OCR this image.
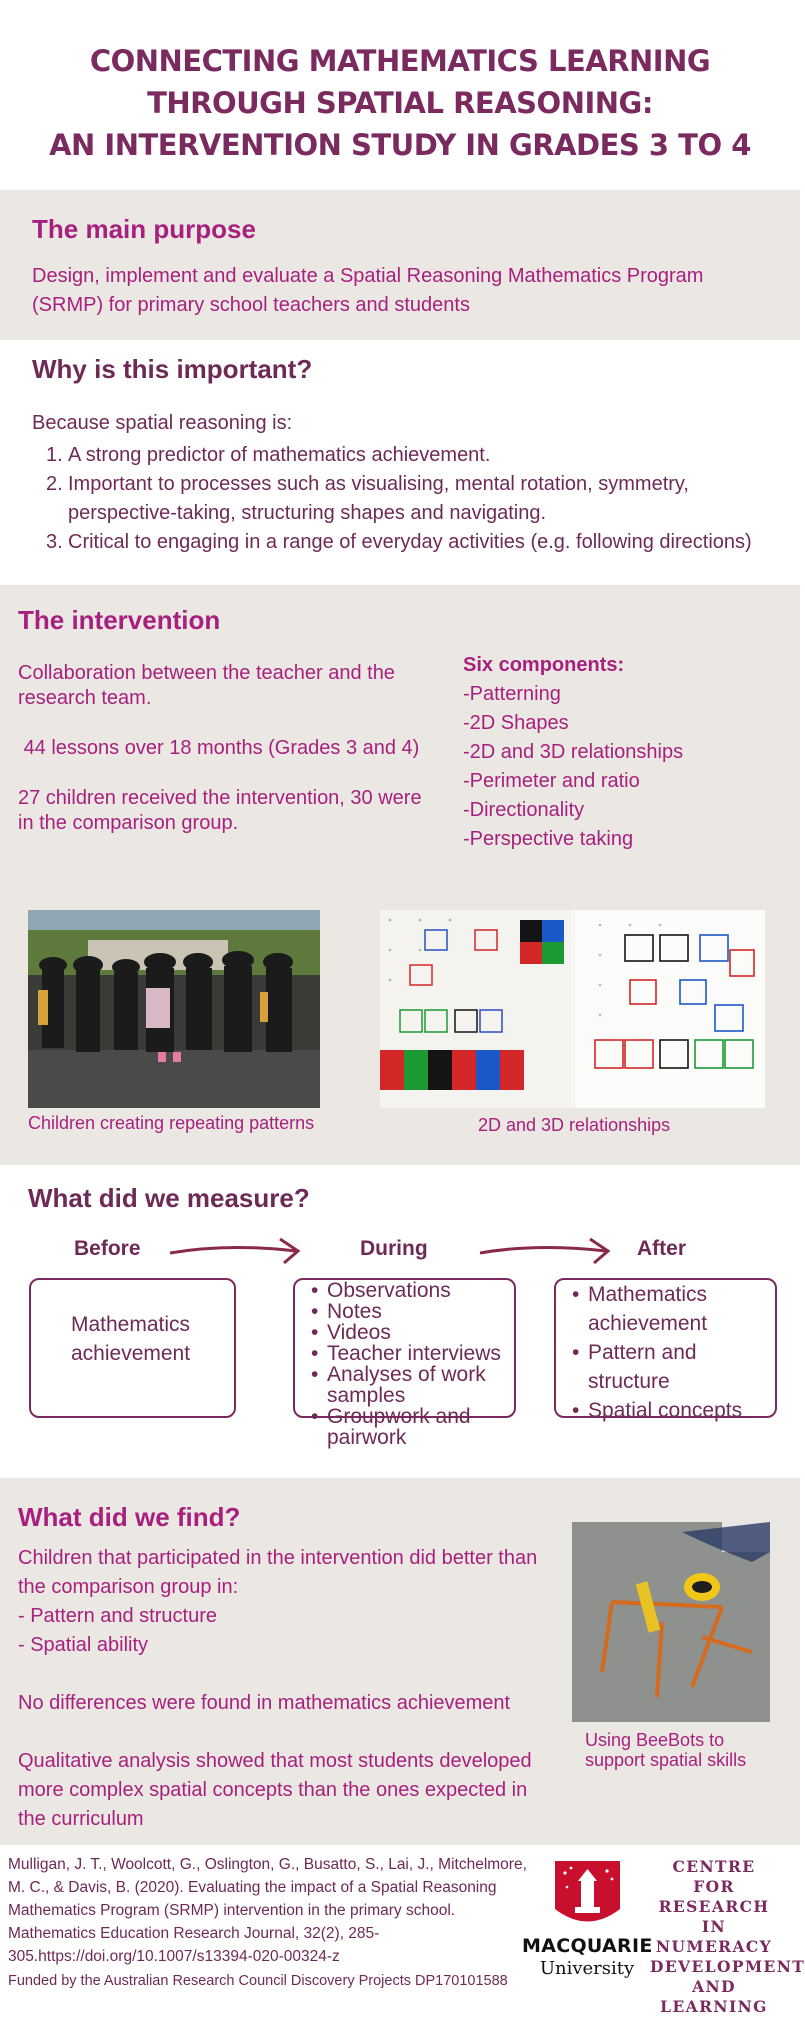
CONNECTING MATHEMATICS LEARNING
THROUGH SPATIAL REASONING:
AN INTERVENTION STUDY IN GRADES 3 TO 4
The main purpose

Design, implement and evaluate a Spatial Reasoning Mathematics Program (SRMP) for primary school teachers and students

Why is this important?
Because spatial reasoning is:
1. A strong predictor of mathematics achievement.
2. Important to processes such as visualising, mental rotation, symmetry, perspective-taking, structuring shapes and navigating.
3. Critical to engaging in a range of everyday activities (e.g. following directions)
The intervention

Collaboration between the teacher and the research team.

44 lessons over 18 months (Grades 3 and 4)

27 children received the intervention, 30 were in the comparison group.

Six components:
-Patterning
-2D Shapes
-2D and 3D relationships
-Perimeter and ratio
-Directionality
-Perspective taking
Children creating repeating patterns	2D and 3D relationships
What did we measure?
Before	During	After
Mathematics achievement
• Observations
• Notes
• Videos
• Teacher interviews
• Analyses of work samples
• Groupwork and pairwork
• Mathematics achievement
• Pattern and structure
• Spatial concepts
What did we find?
Children that participated in the intervention did better than the comparison group in:
- Pattern and structure
- Spatial ability
No differences were found in mathematics achievement
Qualitative analysis showed that most students developed more complex spatial concepts than the ones expected in the curriculum
Using BeeBots to support spatial skills
Mulligan, J. T., Woolcott, G., Oslington, G., Busatto, S., Lai, J., Mitchelmore, M. C., & Davis, B. (2020). Evaluating the impact of a Spatial Reasoning Mathematics Program (SRMP) intervention in the primary school. Mathematics Education Research Journal, 32(2), 285-305.https://doi.org/10.1007/s13394-020-00324-z
Funded by the Australian Research Council Discovery Projects DP170101588
MACQUARIE
University
CENTRE FOR
RESEARCH
IN NUMERACY
DEVELOPMENT
AND
LEARNING
